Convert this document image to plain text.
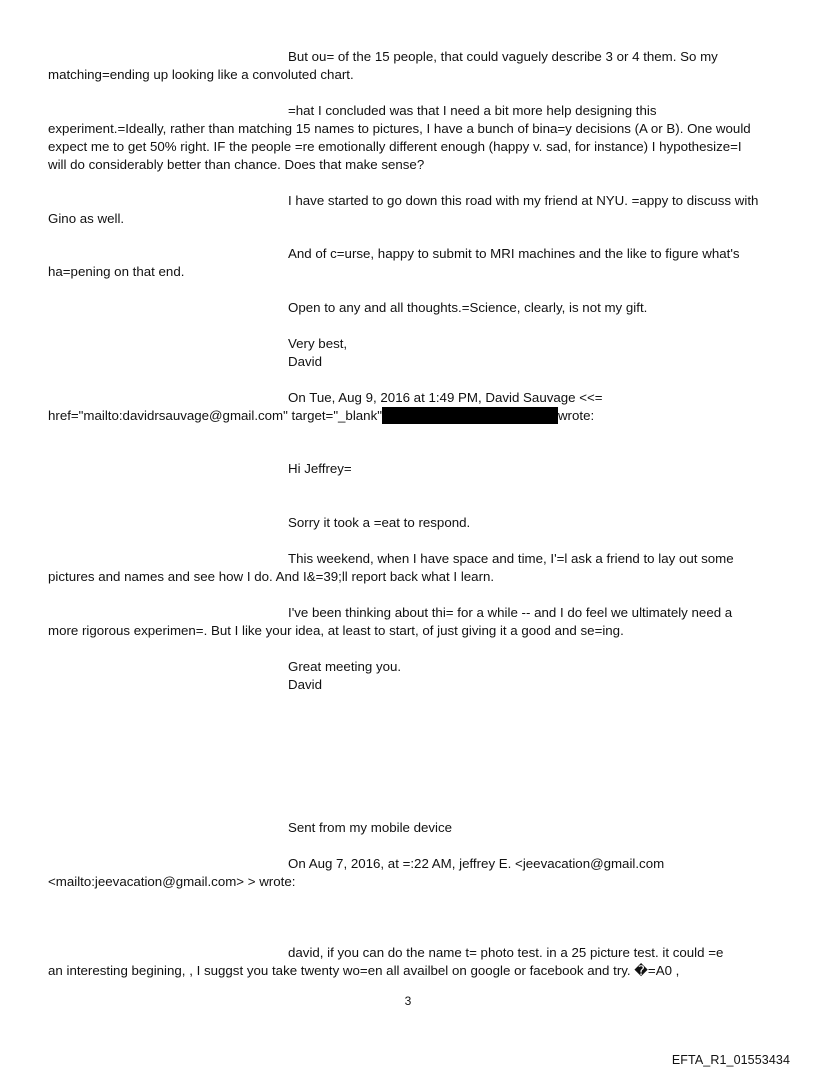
But ou= of the 15 people, that could vaguely describe 3 or 4 them. So my
matching=ending up looking like a convoluted chart.

=hat I concluded was that I need a bit more help designing this
experiment.=Ideally, rather than matching 15 names to pictures, I have a bunch of bina=y decisions (A or B). One would
expect me to get 50% right. IF the people =re emotionally different enough (happy v. sad, for instance) I hypothesize=I
will do considerably better than chance. Does that make sense?

I have started to go down this road with my friend at NYU. =appy to discuss with
Gino as well.

And of c=urse, happy to submit to MRI machines and the like to figure what's
ha=pening on that end.

Open to any and all thoughts.=Science, clearly, is not my gift.

Very best,
David

On Tue, Aug 9, 2016 at 1:49 PM, David Sauvage <<=
href="mailto:davidrsauvage@gmail.com" target="_blank"	wrote:

Hi Jeffrey=

Sorry it took a =eat to respond.

This weekend, when I have space and time, I'=l ask a friend to lay out some
pictures and names and see how I do. And I&=39;ll report back what I learn.

I've been thinking about thi= for a while -- and I do feel we ultimately need a
more rigorous experimen=. But I like your idea, at least to start, of just giving it a good and se=ing.

Great meeting you.
David

Sent from my mobile device

On Aug 7, 2016, at =:22 AM, jeffrey E. <jeevacation@gmail.com
<mailto:jeevacation@gmail.com> > wrote:

david, if you can do the name t= photo test. in a 25 picture test. it could =e
an interesting begining, , I suggst you take twenty wo=en all availbel on google or facebook and try. �=A0 ,

3
EFTA_R1_01553434
